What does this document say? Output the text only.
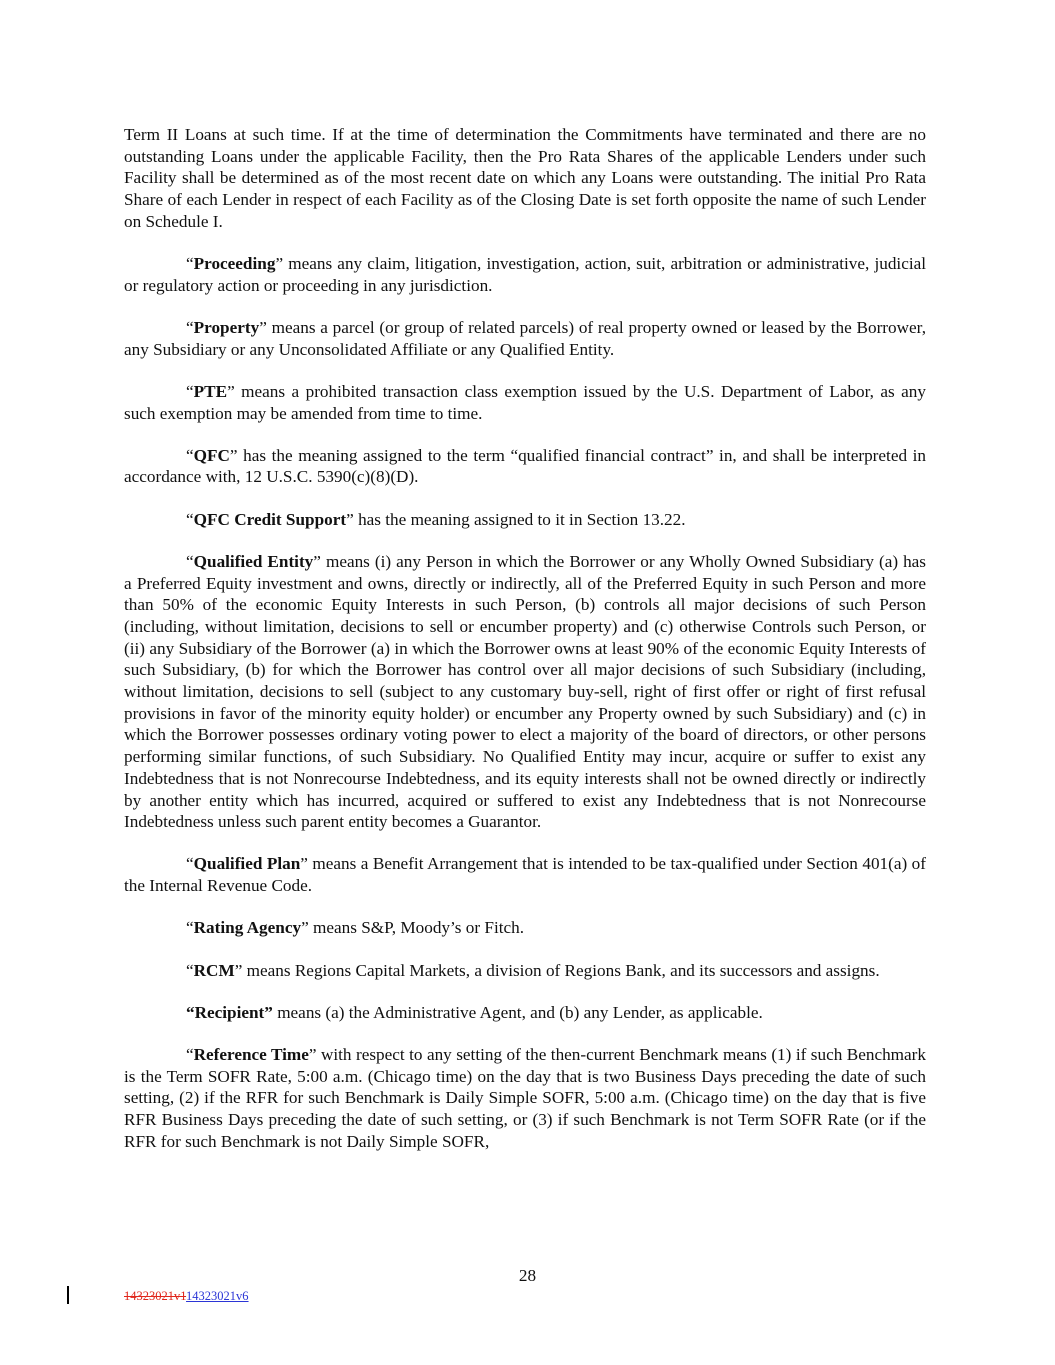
Term II Loans at such time. If at the time of determination the Commitments have terminated and there are no outstanding Loans under the applicable Facility, then the Pro Rata Shares of the applicable Lenders under such Facility shall be determined as of the most recent date on which any Loans were outstanding. The initial Pro Rata Share of each Lender in respect of each Facility as of the Closing Date is set forth opposite the name of such Lender on Schedule I.

“Proceeding” means any claim, litigation, investigation, action, suit, arbitration or administrative, judicial or regulatory action or proceeding in any jurisdiction.

“Property” means a parcel (or group of related parcels) of real property owned or leased by the Borrower, any Subsidiary or any Unconsolidated Affiliate or any Qualified Entity.

“PTE” means a prohibited transaction class exemption issued by the U.S. Department of Labor, as any such exemption may be amended from time to time.

“QFC” has the meaning assigned to the term “qualified financial contract” in, and shall be interpreted in accordance with, 12 U.S.C. 5390(c)(8)(D).

“QFC Credit Support” has the meaning assigned to it in Section 13.22.

“Qualified Entity” means (i) any Person in which the Borrower or any Wholly Owned Subsidiary (a) has a Preferred Equity investment and owns, directly or indirectly, all of the Preferred Equity in such Person and more than 50% of the economic Equity Interests in such Person, (b) controls all major decisions of such Person (including, without limitation, decisions to sell or encumber property) and (c) otherwise Controls such Person, or (ii) any Subsidiary of the Borrower (a) in which the Borrower owns at least 90% of the economic Equity Interests of such Subsidiary, (b) for which the Borrower has control over all major decisions of such Subsidiary (including, without limitation, decisions to sell (subject to any customary buy-sell, right of first offer or right of first refusal provisions in favor of the minority equity holder) or encumber any Property owned by such Subsidiary) and (c) in which the Borrower possesses ordinary voting power to elect a majority of the board of directors, or other persons performing similar functions, of such Subsidiary. No Qualified Entity may incur, acquire or suffer to exist any Indebtedness that is not Nonrecourse Indebtedness, and its equity interests shall not be owned directly or indirectly by another entity which has incurred, acquired or suffered to exist any Indebtedness that is not Nonrecourse Indebtedness unless such parent entity becomes a Guarantor.

“Qualified Plan” means a Benefit Arrangement that is intended to be tax-qualified under Section 401(a) of the Internal Revenue Code.

“Rating Agency” means S&P, Moody’s or Fitch.

“RCM” means Regions Capital Markets, a division of Regions Bank, and its successors and assigns.

“Recipient” means (a) the Administrative Agent, and (b) any Lender, as applicable.

“Reference Time” with respect to any setting of the then-current Benchmark means (1) if such Benchmark is the Term SOFR Rate, 5:00 a.m. (Chicago time) on the day that is two Business Days preceding the date of such setting, (2) if the RFR for such Benchmark is Daily Simple SOFR, 5:00 a.m. (Chicago time) on the day that is five RFR Business Days preceding the date of such setting, or (3) if such Benchmark is not Term SOFR Rate (or if the RFR for such Benchmark is not Daily Simple SOFR,

28
14323021v114323021v6
